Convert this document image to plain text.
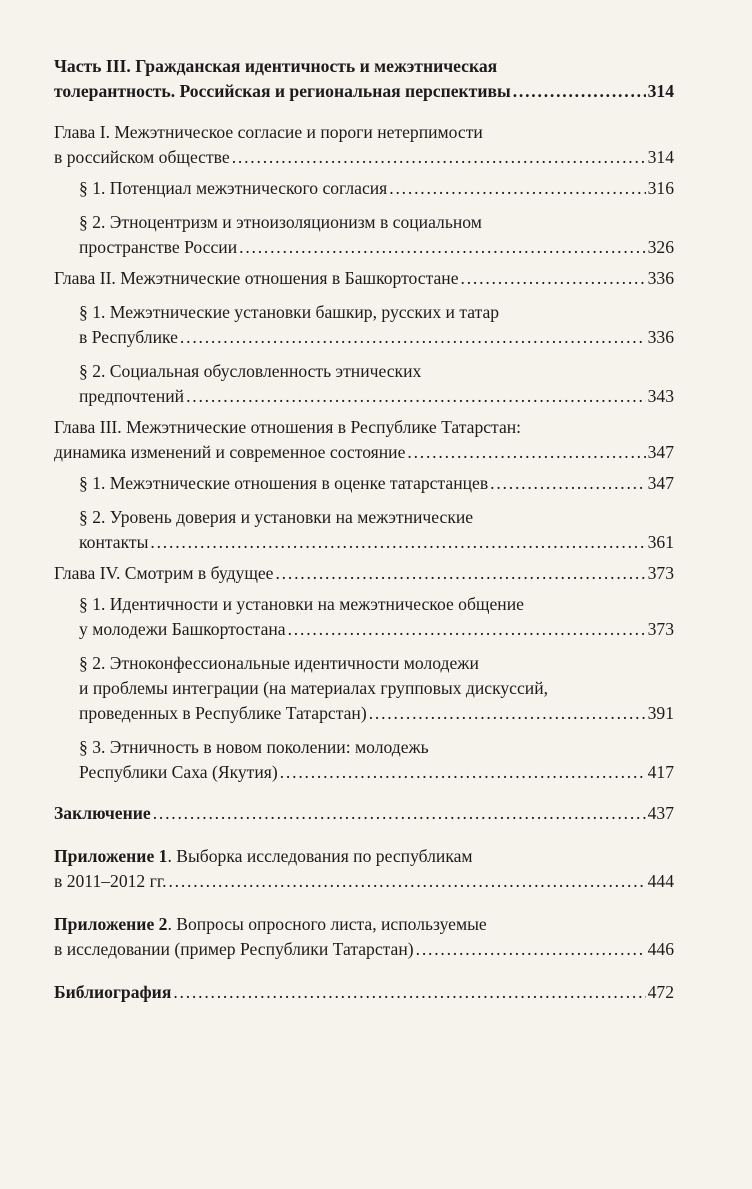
Часть III. Гражданская идентичность и межэтническая
толерантность. Российская и региональная перспективы . . .	314
Глава I. Межэтническое согласие и пороги нетерпимости
в российском обществе . . .	314
§ 1. Потенциал межэтнического согласия . . .	316
§ 2. Этноцентризм и этноизоляционизм в социальном
пространстве России . . .	326
Глава II. Межэтнические отношения в Башкортостане . . .	336
§ 1. Межэтнические установки башкир, русских и татар
в Республике . . .	336
§ 2. Социальная обусловленность этнических
предпочтений . . .	343
Глава III. Межэтнические отношения в Республике Татарстан:
динамика изменений и современное состояние . . .	347
§ 1. Межэтнические отношения в оценке татарстанцев . . .	347
§ 2. Уровень доверия и установки на межэтнические
контакты . . .	361
Глава IV. Смотрим в будущее . . .	373
§ 1. Идентичности и установки на межэтническое общение
у молодежи Башкортостана . . .	373
§ 2. Этноконфессиональные идентичности молодежи
и проблемы интеграции (на материалах групповых дискуссий,
проведенных в Республике Татарстан) . . .	391
§ 3. Этничность в новом поколении: молодежь
Республики Саха (Якутия) . . .	417
Заключение . . .	437
Приложение 1. Выборка исследования по республикам
в 2011–2012 гг. . . .	444
Приложение 2. Вопросы опросного листа, используемые
в исследовании (пример Республики Татарстан) . . .	446
Библиография . . .	472
